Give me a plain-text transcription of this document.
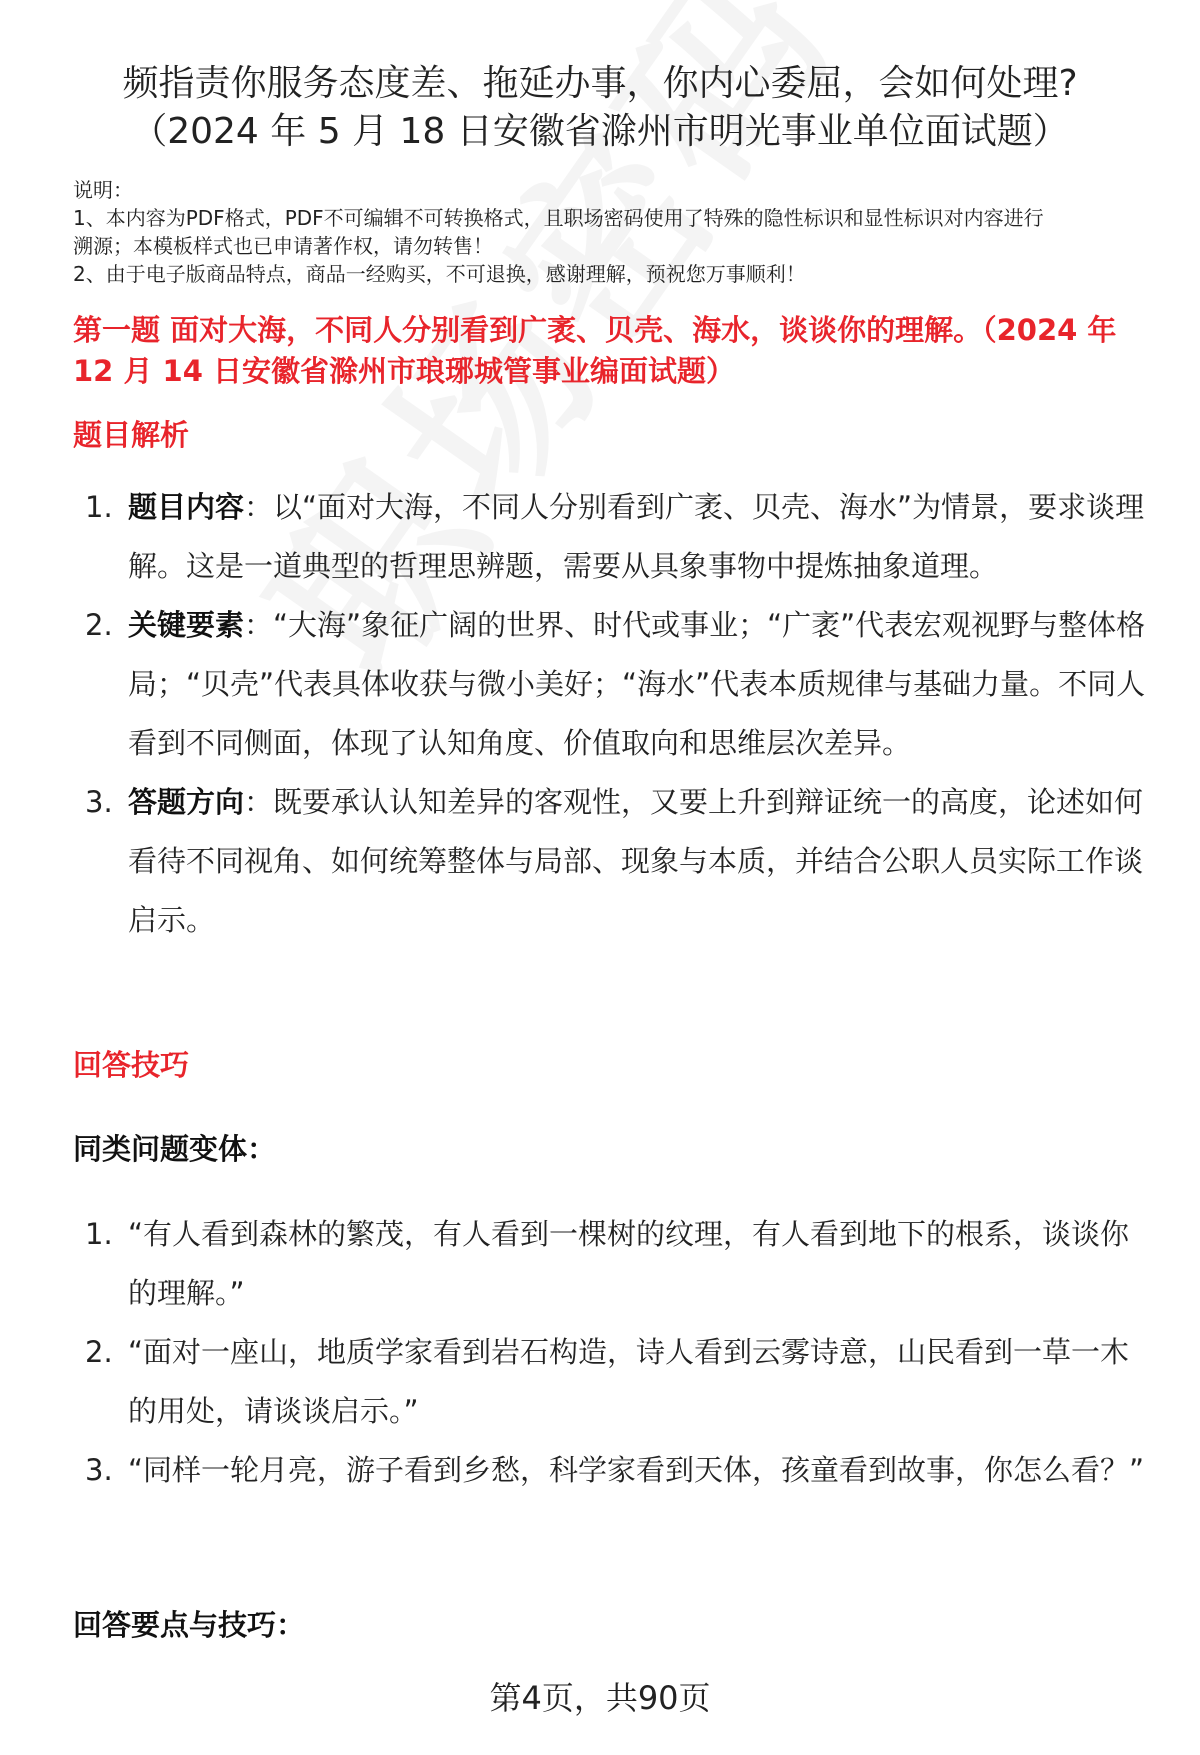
频指责你服务态度差、拖延办事，你内心委屈，会如何处理?
（2024 年 5 月 18 日安徽省滁州市明光事业单位面试题）
说明：
1、本内容为PDF格式，PDF不可编辑不可转换格式，且职场密码使用了特殊的隐性标识和显性标识对内容进行
溯源；本模板样式也已申请著作权，请勿转售！
2、由于电子版商品特点，商品一经购买，不可退换，感谢理解，预祝您万事顺利！
第一题 面对大海，不同人分别看到广袤、贝壳、海水，谈谈你的理解。（2024 年
12 月 14 日安徽省滁州市琅琊城管事业编面试题）
题目解析
1. 题目内容：以“面对大海，不同人分别看到广袤、贝壳、海水”为情景，要求谈理解。这是一道典型的哲理思辨题，需要从具象事物中提炼抽象道理。
2. 关键要素：“大海”象征广阔的世界、时代或事业；“广袤”代表宏观视野与整体格局；“贝壳”代表具体收获与微小美好；“海水”代表本质规律与基础力量。不同人看到不同侧面，体现了认知角度、价值取向和思维层次差异。
3. 答题方向：既要承认认知差异的客观性，又要上升到辩证统一的高度，论述如何看待不同视角、如何统筹整体与局部、现象与本质，并结合公职人员实际工作谈启示。
回答技巧
同类问题变体：
1. “有人看到森林的繁茂，有人看到一棵树的纹理，有人看到地下的根系，谈谈你的理解。”
2. “面对一座山，地质学家看到岩石构造，诗人看到云雾诗意，山民看到一草一木的用处，请谈谈启示。”
3. “同样一轮月亮，游子看到乡愁，科学家看到天体，孩童看到故事，你怎么看？”
回答要点与技巧：
第4页，共90页
